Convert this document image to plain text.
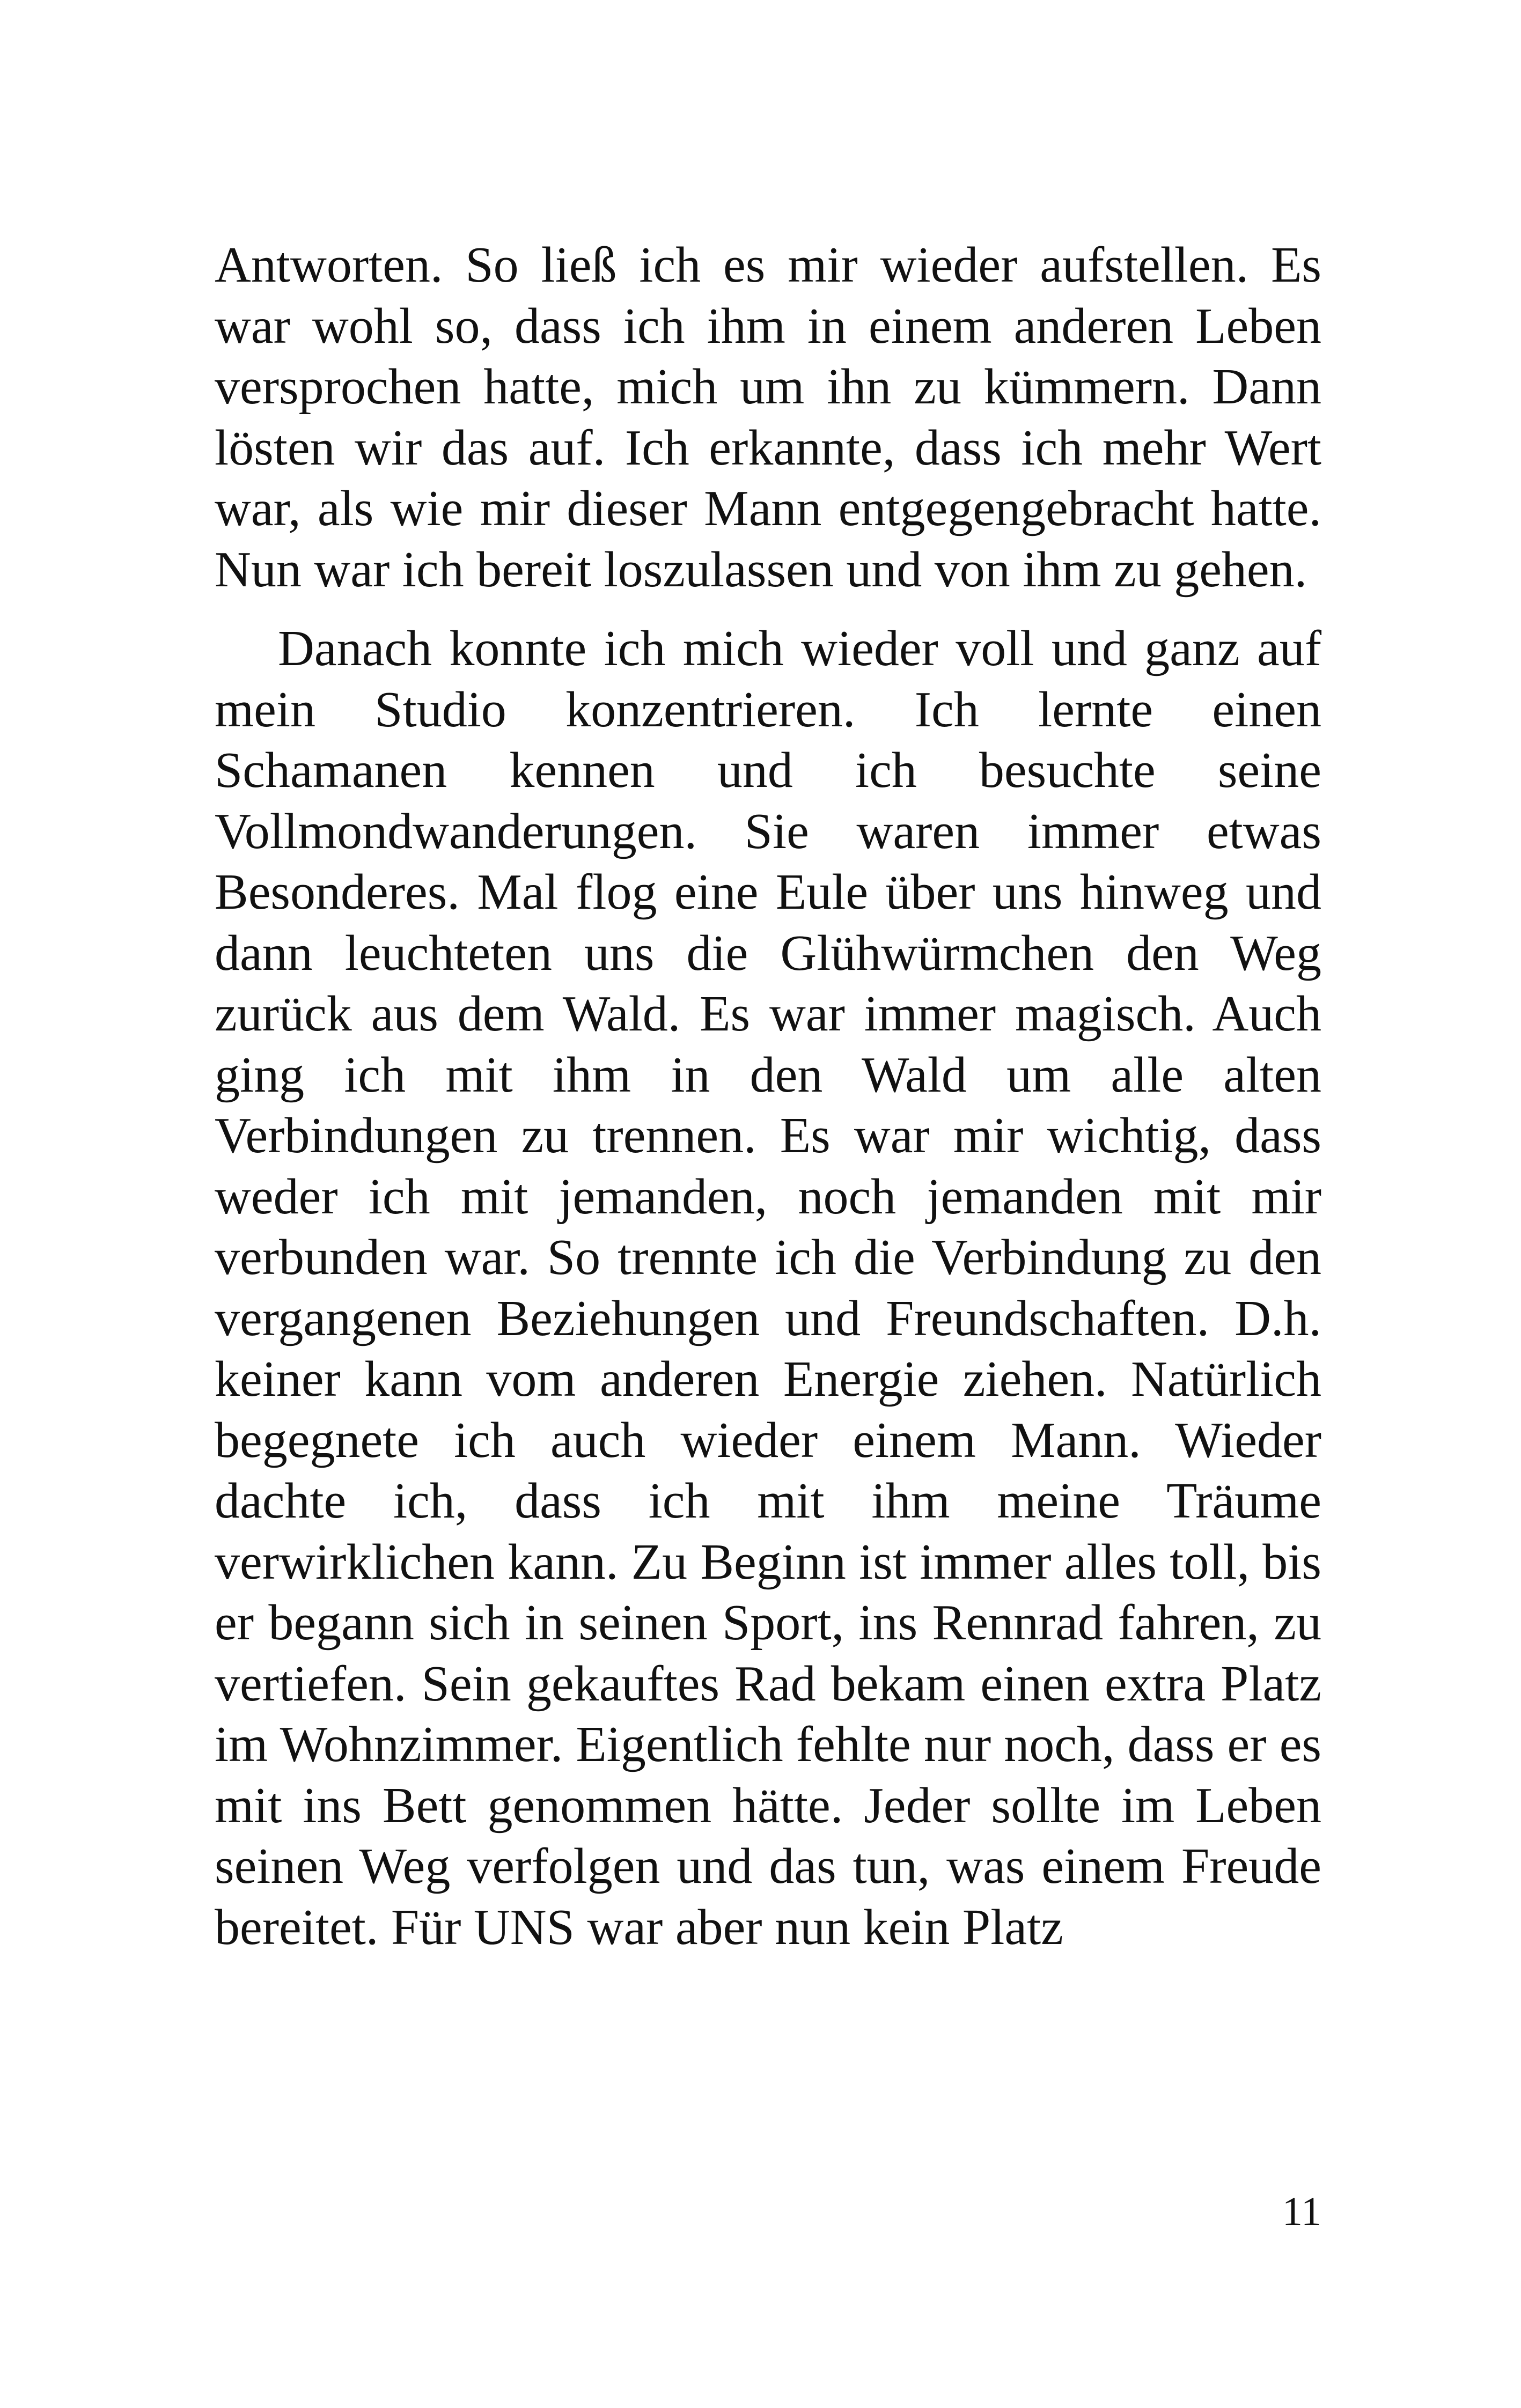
Antworten. So ließ ich es mir wieder aufstellen. Es war wohl so, dass ich ihm in einem anderen Leben versprochen hatte, mich um ihn zu kümmern. Dann lösten wir das auf. Ich erkannte, dass ich mehr Wert war, als wie mir dieser Mann entgegengebracht hatte. Nun war ich bereit loszulassen und von ihm zu gehen.

Danach konnte ich mich wieder voll und ganz auf mein Studio konzentrieren. Ich lernte einen Schamanen kennen und ich besuchte seine Vollmondwanderungen. Sie waren immer etwas Besonderes. Mal flog eine Eule über uns hinweg und dann leuchteten uns die Glühwürmchen den Weg zurück aus dem Wald. Es war immer magisch. Auch ging ich mit ihm in den Wald um alle alten Verbindungen zu trennen. Es war mir wichtig, dass weder ich mit jemanden, noch jemanden mit mir verbunden war. So trennte ich die Verbindung zu den vergangenen Beziehungen und Freundschaften. D.h. keiner kann vom anderen Energie ziehen. Natürlich begegnete ich auch wieder einem Mann. Wieder dachte ich, dass ich mit ihm meine Träume verwirklichen kann. Zu Beginn ist immer alles toll, bis er begann sich in seinen Sport, ins Rennrad fahren, zu vertiefen. Sein gekauftes Rad bekam einen extra Platz im Wohnzimmer. Eigentlich fehlte nur noch, dass er es mit ins Bett genommen hätte. Jeder sollte im Leben seinen Weg verfolgen und das tun, was einem Freude bereitet. Für UNS war aber nun kein Platz

11
